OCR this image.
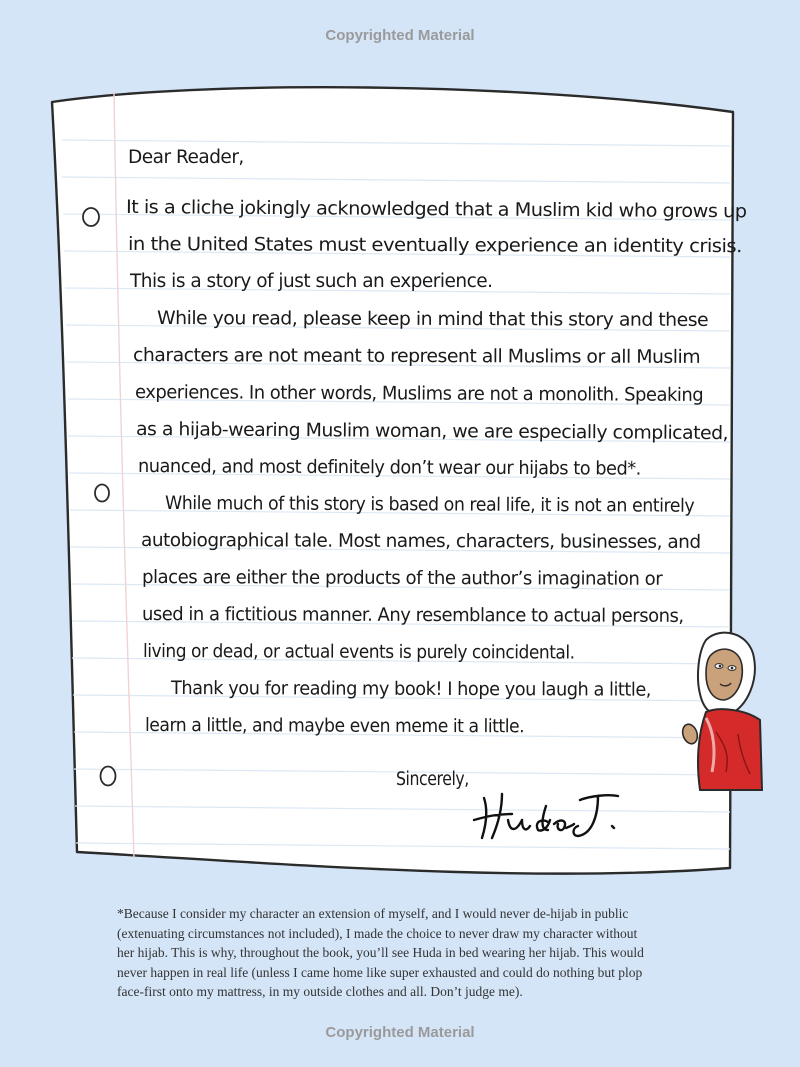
Copyrighted Material
Dear Reader,
It is a cliche jokingly acknowledged that a Muslim kid who grows up
in the United States must eventually experience an identity crisis.
This is a story of just such an experience.
While you read, please keep in mind that this story and these
characters are not meant to represent all Muslims or all Muslim
experiences. In other words, Muslims are not a monolith. Speaking
as a hijab-wearing Muslim woman, we are especially complicated,
nuanced, and most definitely don’t wear our hijabs to bed*.
While much of this story is based on real life, it is not an entirely
autobiographical tale. Most names, characters, businesses, and
places are either the products of the author’s imagination or
used in a fictitious manner. Any resemblance to actual persons,
living or dead, or actual events is purely coincidental.
Thank you for reading my book! I hope you laugh a little,
learn a little, and maybe even meme it a little.
Sincerely,
*Because I consider my character an extension of myself, and I would never de-hijab in public
(extenuating circumstances not included), I made the choice to never draw my character without
her hijab. This is why, throughout the book, you’ll see Huda in bed wearing her hijab. This would
never happen in real life (unless I came home like super exhausted and could do nothing but plop
face-first onto my mattress, in my outside clothes and all. Don’t judge me).
Copyrighted Material
